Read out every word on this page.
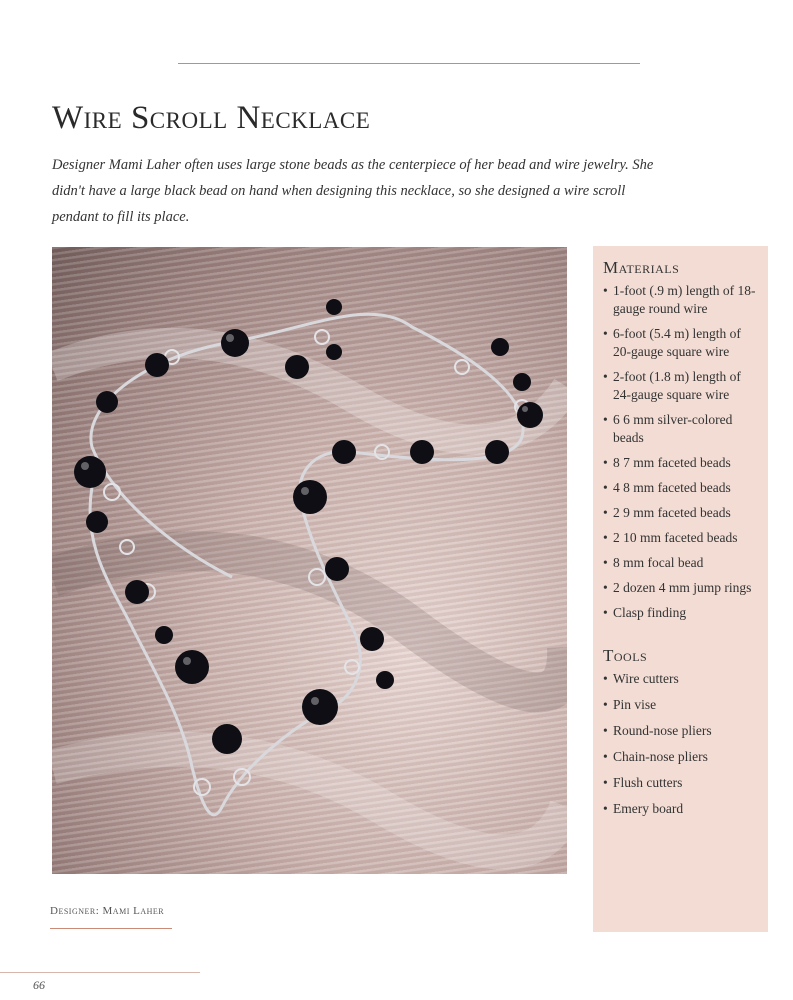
Wire Scroll Necklace

Designer Mami Laher often uses large stone beads as the centerpiece of her bead and wire jewelry. She didn't have a large black bead on hand when designing this necklace, so she designed a wire scroll pendant to fill its place.

Designer: Mami Laher
66
Materials
• 1-foot (.9 m) length of 18-gauge round wire
• 6-foot (5.4 m) length of 20-gauge square wire
• 2-foot (1.8 m) length of 24-gauge square wire
• 6 6 mm silver-colored beads
• 8 7 mm faceted beads
• 4 8 mm faceted beads
• 2 9 mm faceted beads
• 2 10 mm faceted beads
• 8 mm focal bead
• 2 dozen 4 mm jump rings
• Clasp finding
Tools
• Wire cutters
• Pin vise
• Round-nose pliers
• Chain-nose pliers
• Flush cutters
• Emery board
